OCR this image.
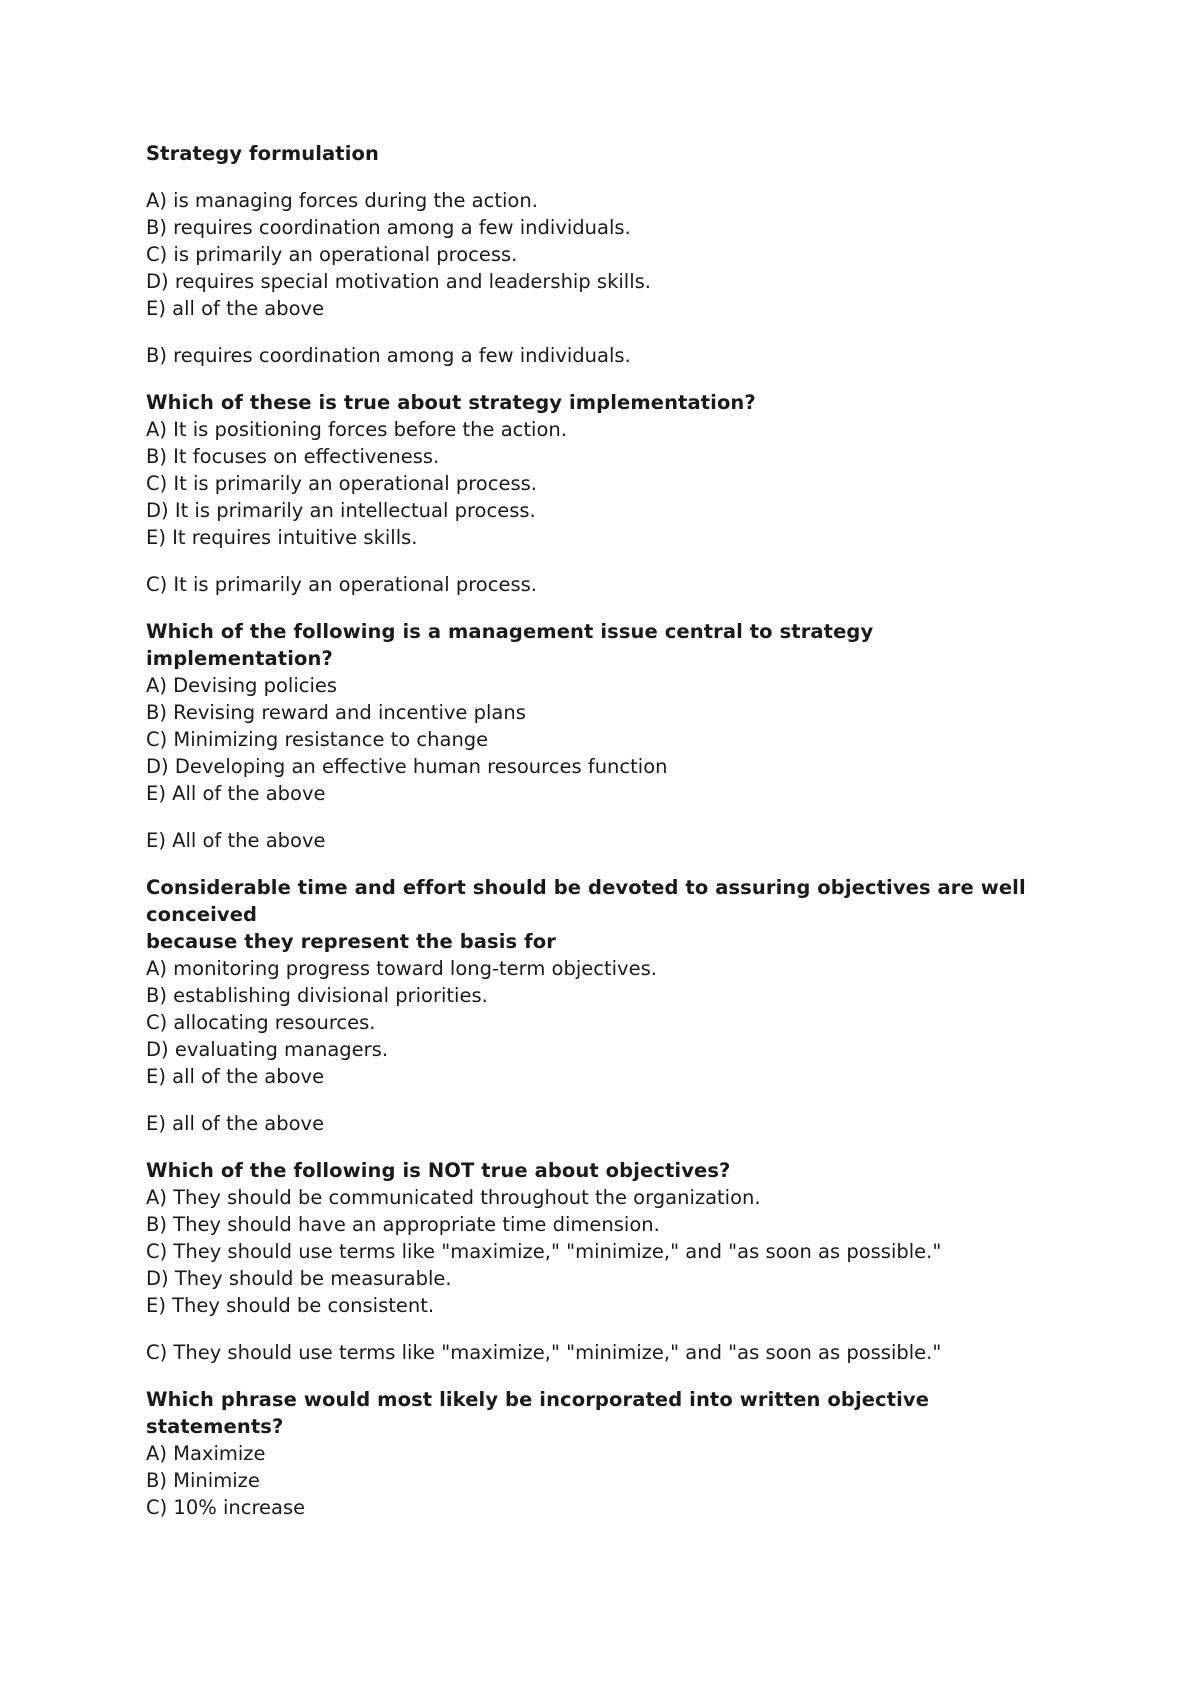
Strategy formulation
A) is managing forces during the action.
B) requires coordination among a few individuals.
C) is primarily an operational process.
D) requires special motivation and leadership skills.
E) all of the above
B) requires coordination among a few individuals.
Which of these is true about strategy implementation?
A) It is positioning forces before the action.
B) It focuses on effectiveness.
C) It is primarily an operational process.
D) It is primarily an intellectual process.
E) It requires intuitive skills.
C) It is primarily an operational process.
Which of the following is a management issue central to strategy
implementation?
A) Devising policies
B) Revising reward and incentive plans
C) Minimizing resistance to change
D) Developing an effective human resources function
E) All of the above
E) All of the above
Considerable time and effort should be devoted to assuring objectives are well
conceived
because they represent the basis for
A) monitoring progress toward long-term objectives.
B) establishing divisional priorities.
C) allocating resources.
D) evaluating managers.
E) all of the above
E) all of the above
Which of the following is NOT true about objectives?
A) They should be communicated throughout the organization.
B) They should have an appropriate time dimension.
C) They should use terms like "maximize," "minimize," and "as soon as possible."
D) They should be measurable.
E) They should be consistent.
C) They should use terms like "maximize," "minimize," and "as soon as possible."
Which phrase would most likely be incorporated into written objective
statements?
A) Maximize
B) Minimize
C) 10% increase
